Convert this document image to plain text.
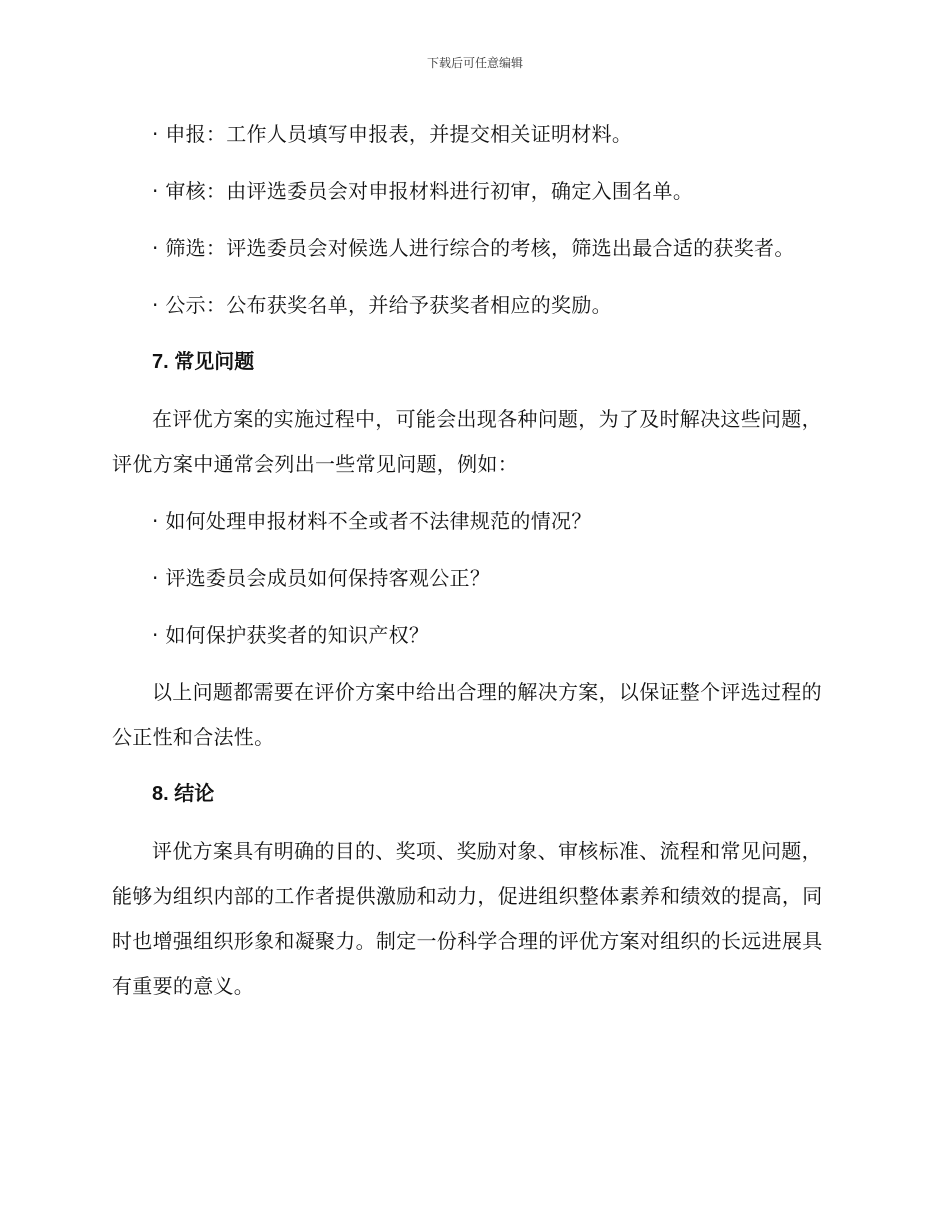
下载后可任意编辑

· 申报：工作人员填写申报表，并提交相关证明材料。

· 审核：由评选委员会对申报材料进行初审，确定入围名单。

· 筛选：评选委员会对候选人进行综合的考核，筛选出最合适的获奖者。

· 公示：公布获奖名单，并给予获奖者相应的奖励。

7. 常见问题

在评优方案的实施过程中，可能会出现各种问题，为了及时解决这些问题，评优方案中通常会列出一些常见问题，例如：

· 如何处理申报材料不全或者不法律规范的情况？

· 评选委员会成员如何保持客观公正？

· 如何保护获奖者的知识产权？

以上问题都需要在评价方案中给出合理的解决方案，以保证整个评选过程的公正性和合法性。

8. 结论

评优方案具有明确的目的、奖项、奖励对象、审核标准、流程和常见问题，能够为组织内部的工作者提供激励和动力，促进组织整体素养和绩效的提高，同时也增强组织形象和凝聚力。制定一份科学合理的评优方案对组织的长远进展具有重要的意义。
